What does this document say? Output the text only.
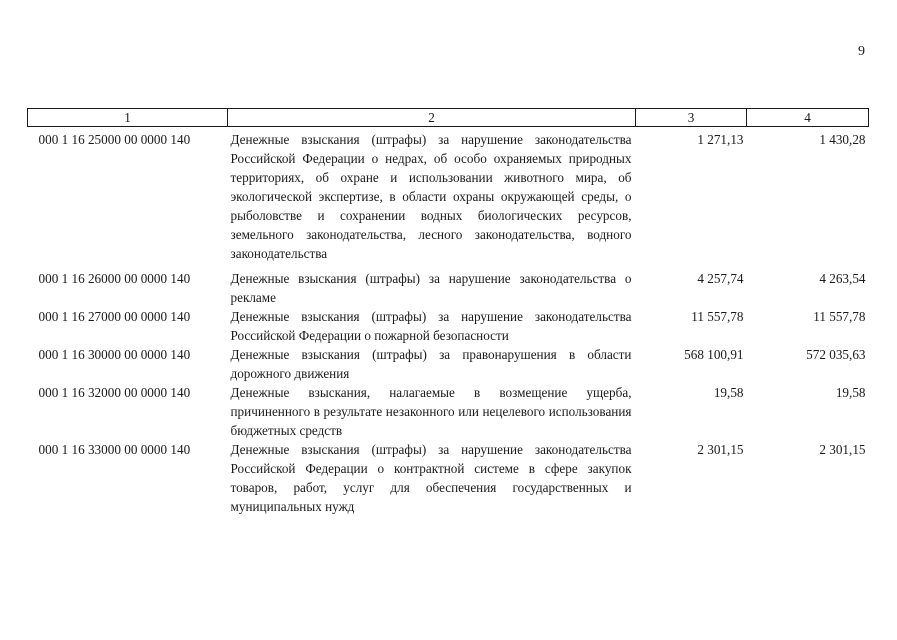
9
1	2	3	4
000 1 16 25000 00 0000 140	Денежные взыскания (штрафы) за нарушение законодательства Российской Федерации о недрах, об особо охраняемых природных территориях, об охране и использовании животного мира, об экологической экспертизе, в области охраны окружающей среды, о рыболовстве и сохранении водных биологических ресурсов, земельного законодательства, лесного законодательства, водного законодательства	1 271,13	1 430,28
000 1 16 26000 00 0000 140	Денежные взыскания (штрафы) за нарушение законодательства о рекламе	4 257,74	4 263,54
000 1 16 27000 00 0000 140	Денежные взыскания (штрафы) за нарушение законодательства Российской Федерации о пожарной безопасности	11 557,78	11 557,78
000 1 16 30000 00 0000 140	Денежные взыскания (штрафы) за правонарушения в области дорожного движения	568 100,91	572 035,63
000 1 16 32000 00 0000 140	Денежные взыскания, налагаемые в возмещение ущерба, причиненного в результате незаконного или нецелевого использования бюджетных средств	19,58	19,58
000 1 16 33000 00 0000 140	Денежные взыскания (штрафы) за нарушение законодательства Российской Федерации о контрактной системе в сфере закупок товаров, работ, услуг для обеспечения государственных и муниципальных нужд	2 301,15	2 301,15
